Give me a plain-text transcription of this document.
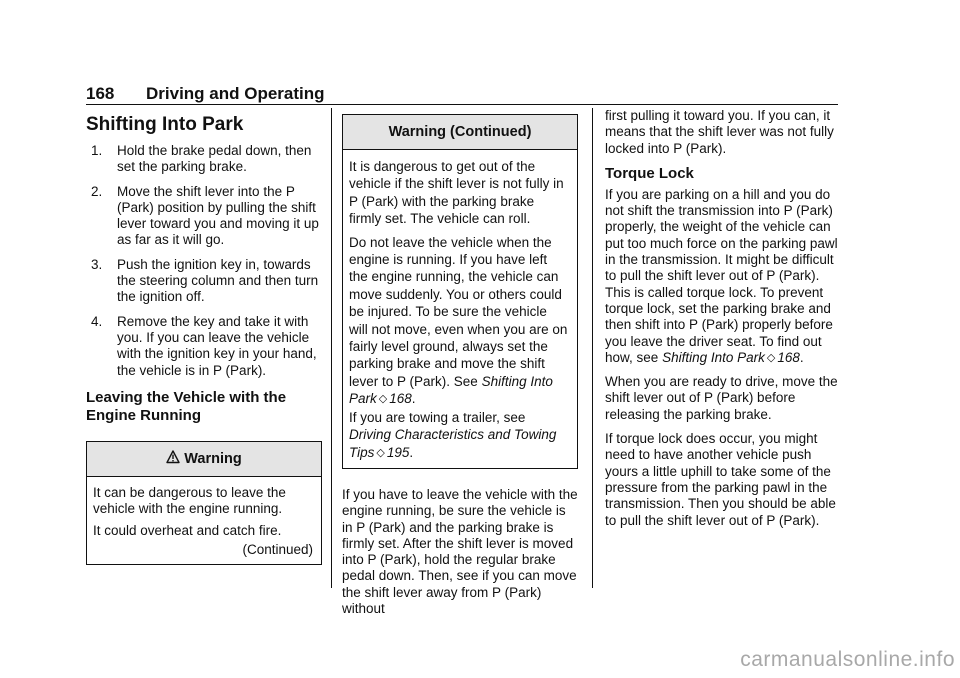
168 Driving and Operating
Shifting Into Park
1. Hold the brake pedal down, then set the parking brake.
2. Move the shift lever into the P (Park) position by pulling the shift lever toward you and moving it up as far as it will go.
3. Push the ignition key in, towards the steering column and then turn the ignition off.
4. Remove the key and take it with you. If you can leave the vehicle with the ignition key in your hand, the vehicle is in P (Park).
Leaving the Vehicle with the Engine Running
Warning

It can be dangerous to leave the vehicle with the engine running.

It could overheat and catch fire.

(Continued)
Warning (Continued)

It is dangerous to get out of the vehicle if the shift lever is not fully in P (Park) with the parking brake firmly set. The vehicle can roll.

Do not leave the vehicle when the engine is running. If you have left the engine running, the vehicle can move suddenly. You or others could be injured. To be sure the vehicle will not move, even when you are on fairly level ground, always set the parking brake and move the shift lever to P (Park). See Shifting Into Park ◇ 168.

If you are towing a trailer, see Driving Characteristics and Towing Tips ◇ 195.

If you have to leave the vehicle with the engine running, be sure the vehicle is in P (Park) and the parking brake is firmly set. After the shift lever is moved into P (Park), hold the regular brake pedal down. Then, see if you can move the shift lever away from P (Park) without

first pulling it toward you. If you can, it means that the shift lever was not fully locked into P (Park).

Torque Lock

If you are parking on a hill and you do not shift the transmission into P (Park) properly, the weight of the vehicle can put too much force on the parking pawl in the transmission. It might be difficult to pull the shift lever out of P (Park). This is called torque lock. To prevent torque lock, set the parking brake and then shift into P (Park) properly before you leave the driver seat. To find out how, see Shifting Into Park ◇ 168.

When you are ready to drive, move the shift lever out of P (Park) before releasing the parking brake.

If torque lock does occur, you might need to have another vehicle push yours a little uphill to take some of the pressure from the parking pawl in the transmission. Then you should be able to pull the shift lever out of P (Park).

carmanualsonline.info
